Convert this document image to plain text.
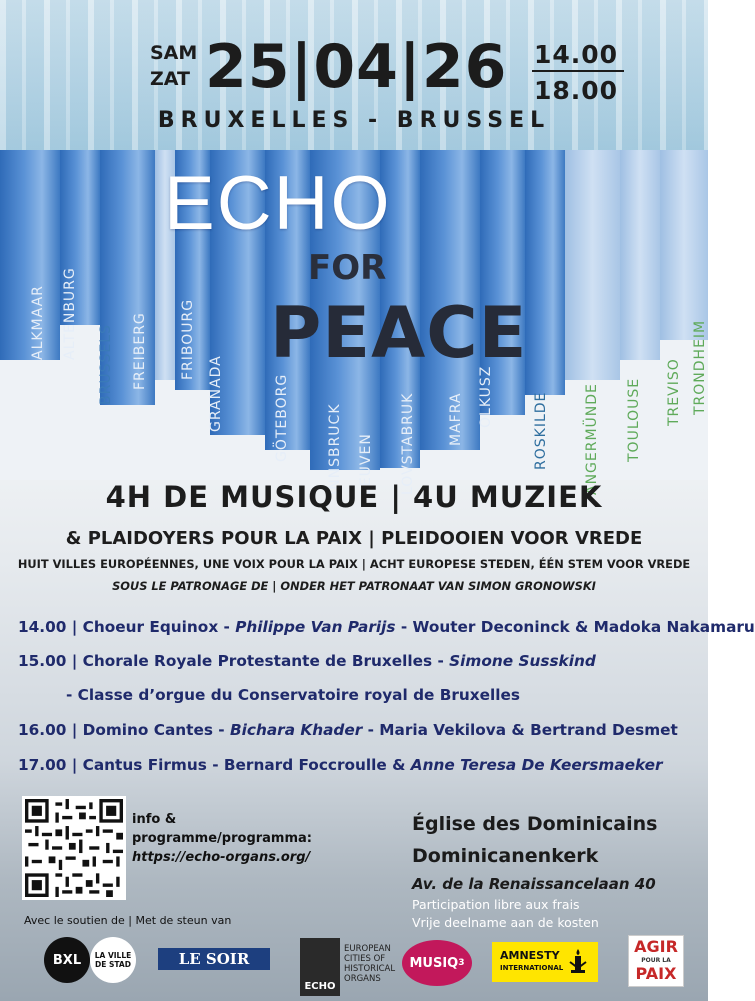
SAM
ZAT 25|04|26 14.00
18.00
BRUXELLES - BRUSSEL
ALKMAAR ALTENBURG
BRUSSELS FREIBERG FRIBOURG
GRANADA	GÖTEBORG	INNSBRUCK LEUVEN LOVSTABRUK MAFRA OLKUSZ	ROSKILDE	ANGERMÜNDE TOULOUSE TREVISO TRONDHEIM
ECHO
FOR
PEACE
4H DE MUSIQUE | 4U MUZIEK
& PLAIDOYERS POUR LA PAIX | PLEIDOOIEN VOOR VREDE
HUIT VILLES EUROPÉENNES, UNE VOIX POUR LA PAIX | ACHT EUROPESE STEDEN, ÉÉN STEM VOOR VREDE
SOUS LE PATRONAGE DE | ONDER HET PATRONAAT VAN SIMON GRONOWSKI
14.00 | Choeur Equinox - Philippe Van Parijs - Wouter Deconinck & Madoka Nakamaru
15.00 | Chorale Royale Protestante de Bruxelles - Simone Susskind
- Classe d’orgue du Conservatoire royal de Bruxelles
16.00 | Domino Cantes - Bichara Khader - Maria Vekilova & Bertrand Desmet
17.00 | Cantus Firmus - Bernard Foccroulle & Anne Teresa De Keersmaeker
info &
programme/programma:
https://echo-organs.org/
Église des Dominicains
Dominicanenkerk
Av. de la Renaissancelaan 40
Participation libre aux frais
Vrije deelname aan de kosten
Avec le soutien de | Met de steun van
BXL LA VILLE
DE STAD	LE SOIR
ECHO
EUROPEAN
CITIES OF
HISTORICAL
ORGANS
MUSIQ 3
AMNESTY
INTERNATIONAL
AGIR
POUR LA
PAIX
